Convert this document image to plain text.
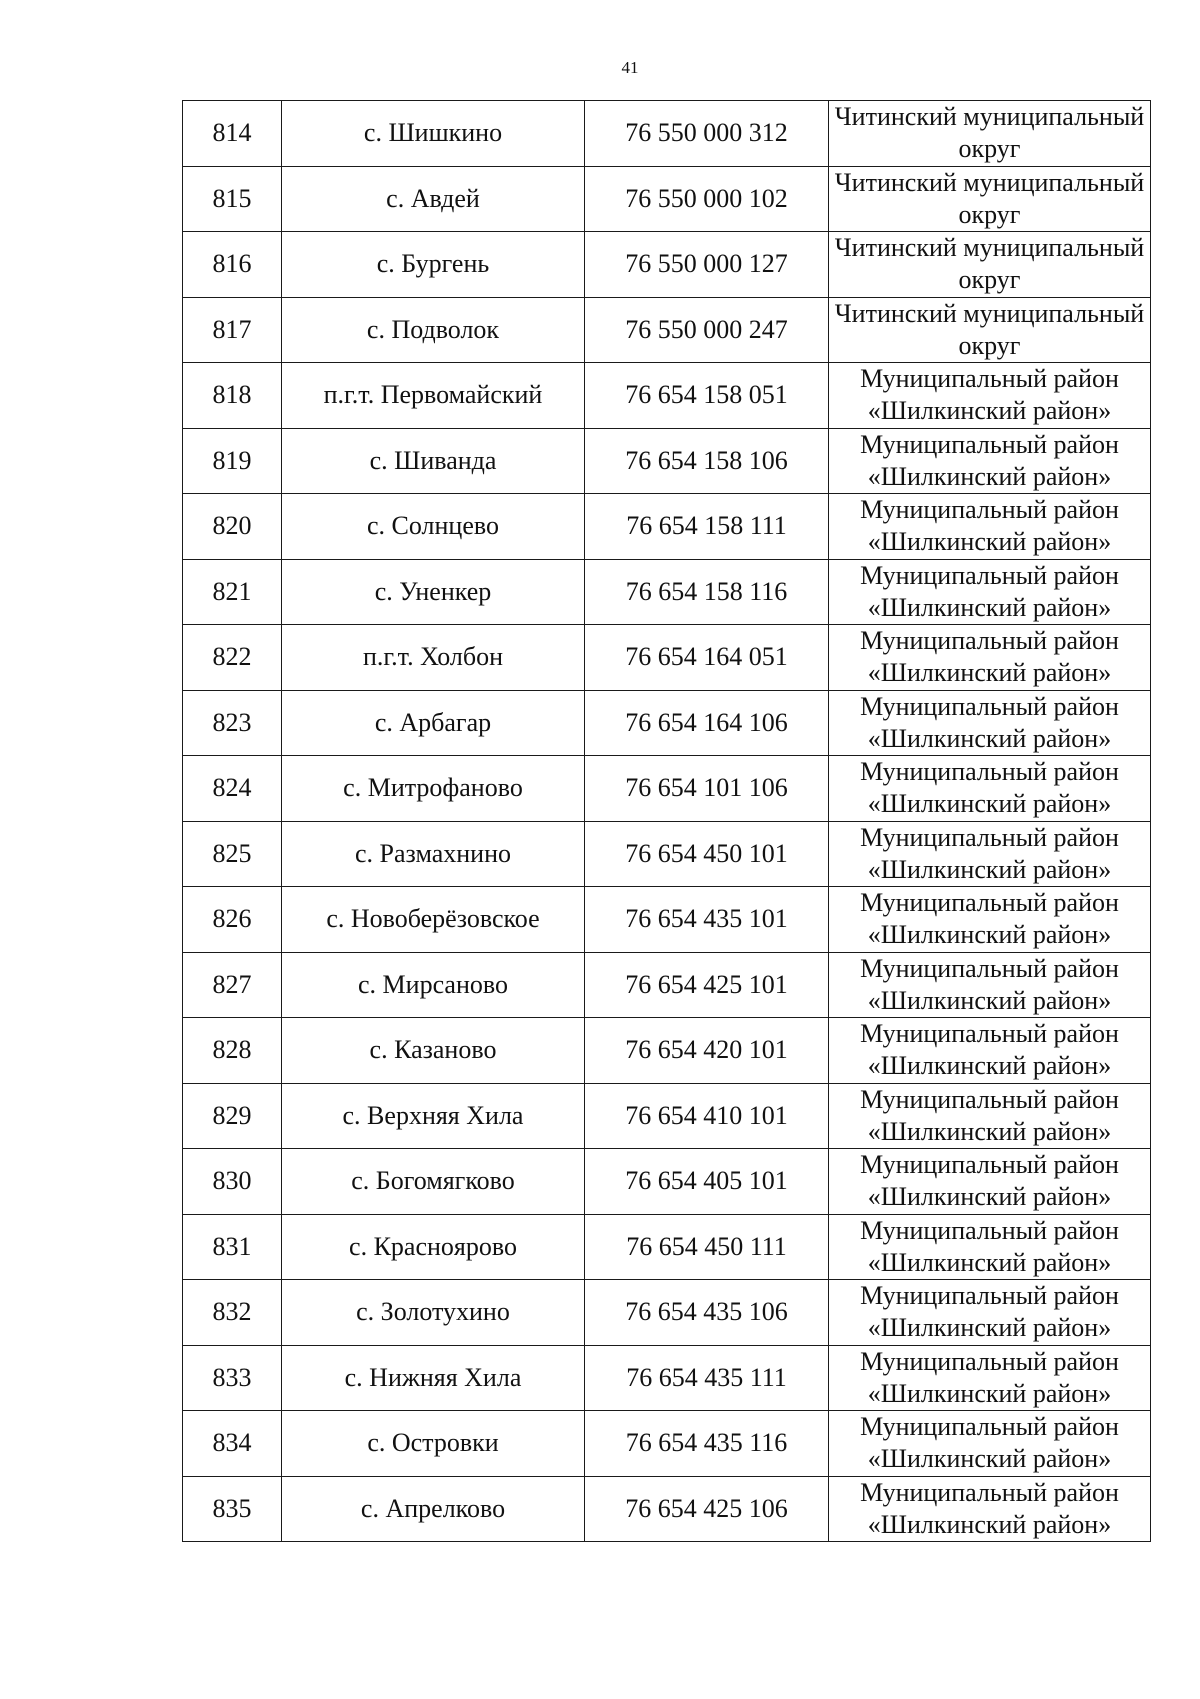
41
814	с. Шишкино	76 550 000 312	Читинский муниципальный округ

815	с. Авдей	76 550 000 102	Читинский муниципальный округ

816	с. Бургень	76 550 000 127	Читинский муниципальный округ

817	с. Подволок	76 550 000 247	Читинский муниципальный округ

818	п.г.т. Первомайский	76 654 158 051	Муниципальный район «Шилкинский район»

819	с. Шиванда	76 654 158 106	Муниципальный район «Шилкинский район»

820	с. Солнцево	76 654 158 111	Муниципальный район «Шилкинский район»

821	с. Уненкер	76 654 158 116	Муниципальный район «Шилкинский район»

822	п.г.т. Холбон	76 654 164 051	Муниципальный район «Шилкинский район»

823	с. Арбагар	76 654 164 106	Муниципальный район «Шилкинский район»

824	с. Митрофаново	76 654 101 106	Муниципальный район «Шилкинский район»

825	с. Размахнино	76 654 450 101	Муниципальный район «Шилкинский район»

826	с. Новоберёзовское	76 654 435 101	Муниципальный район «Шилкинский район»

827	с. Мирсаново	76 654 425 101	Муниципальный район «Шилкинский район»

828	с. Казаново	76 654 420 101	Муниципальный район «Шилкинский район»

829	с. Верхняя Хила	76 654 410 101	Муниципальный район «Шилкинский район»

830	с. Богомягково	76 654 405 101	Муниципальный район «Шилкинский район»

831	с. Краснoярово	76 654 450 111	Муниципальный район «Шилкинский район»

832	с. Золотухино	76 654 435 106	Муниципальный район «Шилкинский район»

833	с. Нижняя Хила	76 654 435 111	Муниципальный район «Шилкинский район»

834	с. Островки	76 654 435 116	Муниципальный район «Шилкинский район»

835	с. Апрелково	76 654 425 106	Муниципальный район «Шилкинский район»
